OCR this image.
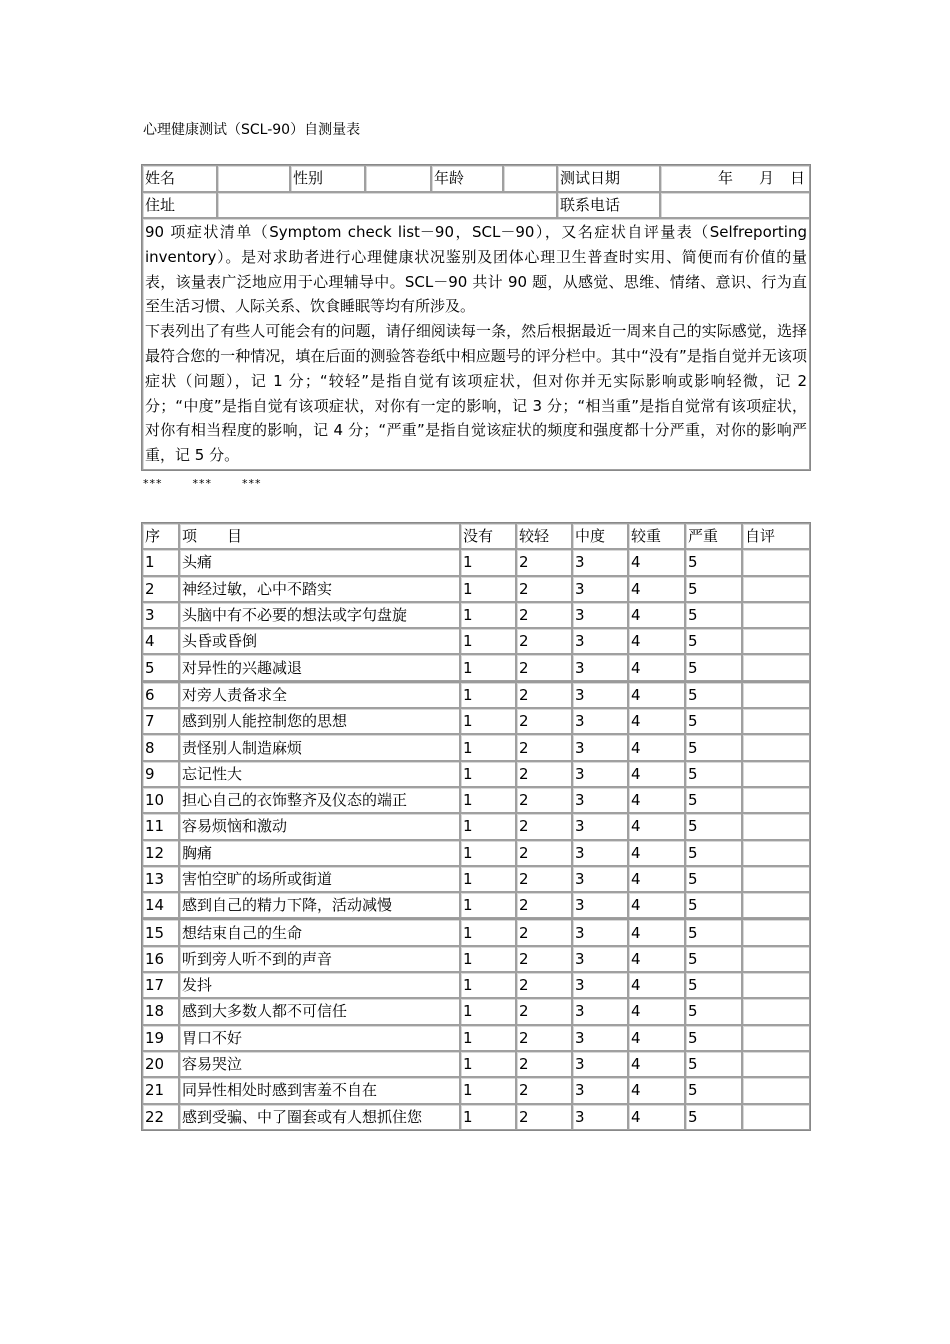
心理健康测试（SCL-90）自测量表
姓名		性别		年龄		测试日期	年 月 日
住址						联系电话	

90 项症状清单（Symptom check list－90，SCL－90），又名症状自评量表（Selfreporting inventory）。是对求助者进行心理健康状况鉴别及团体心理卫生普查时实用、简便而有价值的量表，该量表广泛地应用于心理辅导中。SCL－90 共计 90 题，从感觉、思维、情绪、意识、行为直至生活习惯、人际关系、饮食睡眠等均有所涉及。
下表列出了有些人可能会有的问题，请仔细阅读每一条，然后根据最近一周来自己的实际感觉，选择最符合您的一种情况，填在后面的测验答卷纸中相应题号的评分栏中。其中“没有”是指自觉并无该项症状（问题），记 1 分；“较轻”是指自觉有该项症状，但对你并无实际影响或影响轻微，记 2 分；“中度”是指自觉有该项症状，对你有一定的影响，记 3 分；“相当重”是指自觉常有该项症状，对你有相当程度的影响，记 4 分；“严重”是指自觉该症状的频度和强度都十分严重，对你的影响严重，记 5 分。							
***	***	***
序	项　　目	没有	较轻	中度	较重	严重	自评
1	头痛	1	2	3	4	5	
2	神经过敏，心中不踏实	1	2	3	4	5	
3	头脑中有不必要的想法或字句盘旋	1	2	3	4	5	
4	头昏或昏倒	1	2	3	4	5	
5	对异性的兴趣减退	1	2	3	4	5	
6	对旁人责备求全	1	2	3	4	5	
7	感到别人能控制您的思想	1	2	3	4	5	
8	责怪别人制造麻烦	1	2	3	4	5	
9	忘记性大	1	2	3	4	5	
10	担心自己的衣饰整齐及仪态的端正	1	2	3	4	5	
11	容易烦恼和激动	1	2	3	4	5	
12	胸痛	1	2	3	4	5	
13	害怕空旷的场所或街道	1	2	3	4	5	
14	感到自己的精力下降，活动减慢	1	2	3	4	5	
15	想结束自己的生命	1	2	3	4	5	
16	听到旁人听不到的声音	1	2	3	4	5	
17	发抖	1	2	3	4	5	
18	感到大多数人都不可信任	1	2	3	4	5	
19	胃口不好	1	2	3	4	5	
20	容易哭泣	1	2	3	4	5	
21	同异性相处时感到害羞不自在	1	2	3	4	5	
22	感到受骗、中了圈套或有人想抓住您	1	2	3	4	5	
